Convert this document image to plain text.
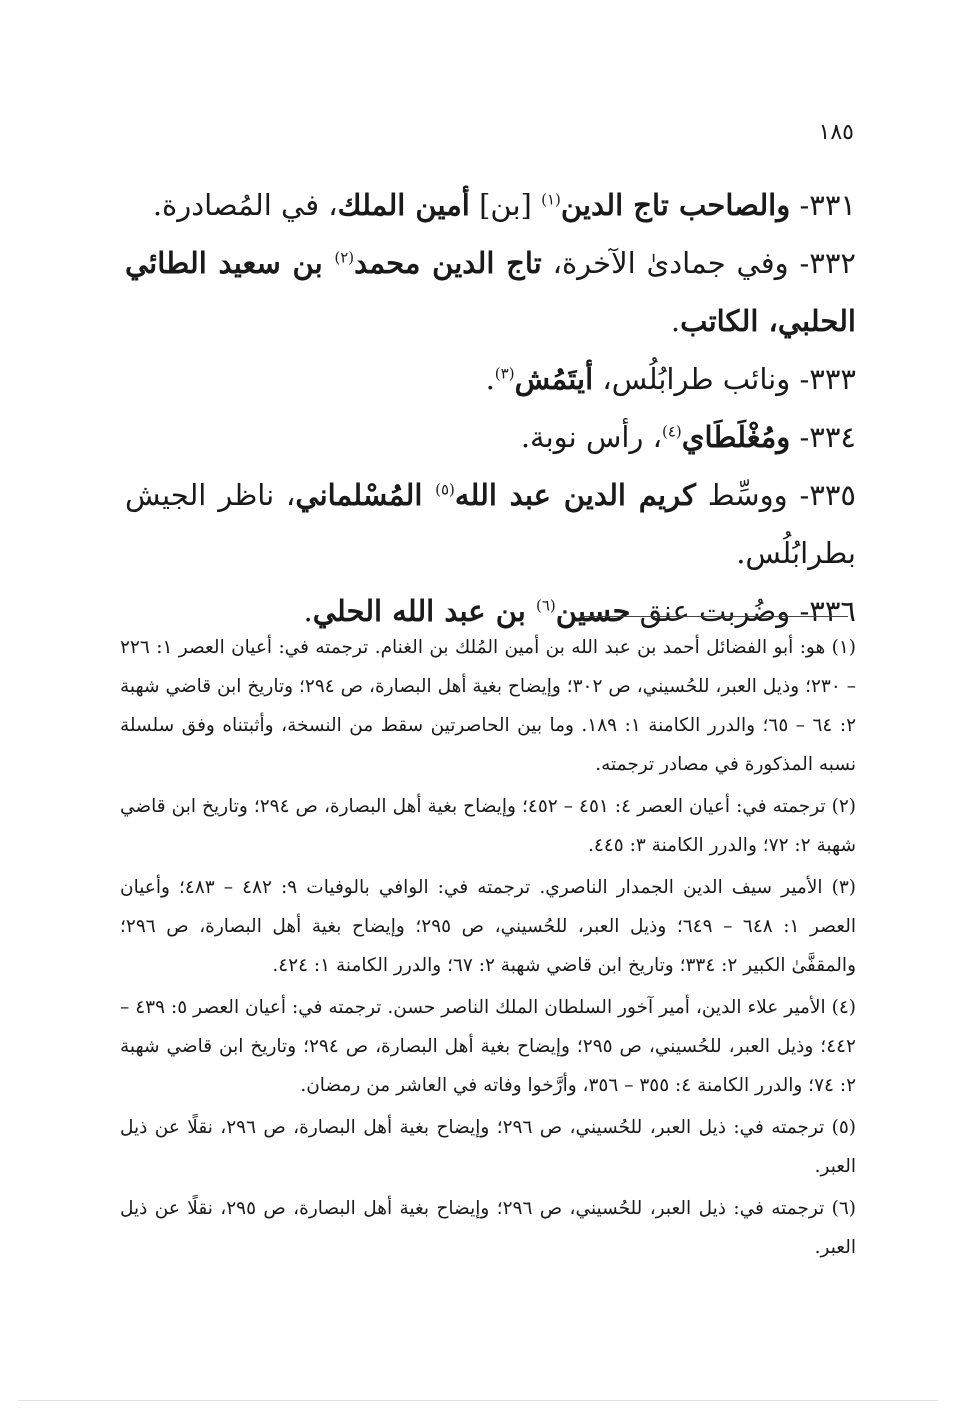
١٨٥
٣٣١- والصاحب تاج الدين$^{(١)}$ [بن] أمين الملك، في المُصادرة.
٣٣٢- وفي جمادىٰ الآخرة، تاج الدين محمد$^{(٢)}$ بن سعيد الطائي الحلبي، الكاتب.
٣٣٣- ونائب طرابُلُس، أيتَمُش$^{(٣)}$.
٣٣٤- ومُغْلَطَاي$^{(٤)}$، رأس نوبة.
٣٣٥- ووسِّط كريم الدين عبد الله$^{(٥)}$ المُسْلماني، ناظر الجيش بطرابُلُس.
٣٣٦- وضُربت عنق حسين$^{(٦)}$ بن عبد الله الحلي.
(١) هو: أبو الفضائل أحمد بن عبد الله بن أمين المُلك بن الغنام. ترجمته في: أعيان العصر ١: ٢٢٦ – ٢٣٠؛ وذيل العبر، للحُسيني، ص ٣٠٢؛ وإيضاح بغية أهل البصارة، ص ٢٩٤؛ وتاريخ ابن قاضي شهبة ٢: ٦٤ – ٦٥؛ والدرر الكامنة ١: ١٨٩. وما بين الحاصرتين سقط من النسخة، وأثبتناه وفق سلسلة نسبه المذكورة في مصادر ترجمته.
(٢) ترجمته في: أعيان العصر ٤: ٤٥١ – ٤٥٢؛ وإيضاح بغية أهل البصارة، ص ٢٩٤؛ وتاريخ ابن قاضي شهبة ٢: ٧٢؛ والدرر الكامنة ٣: ٤٤٥.
(٣) الأمير سيف الدين الجمدار الناصري. ترجمته في: الوافي بالوفيات ٩: ٤٨٢ – ٤٨٣؛ وأعيان العصر ١: ٦٤٨ – ٦٤٩؛ وذيل العبر، للحُسيني، ص ٢٩٥؛ وإيضاح بغية أهل البصارة، ص ٢٩٦؛ والمقفَّىٰ الكبير ٢: ٣٣٤؛ وتاريخ ابن قاضي شهبة ٢: ٦٧؛ والدرر الكامنة ١: ٤٢٤.
(٤) الأمير علاء الدين، أمير آخور السلطان الملك الناصر حسن. ترجمته في: أعيان العصر ٥: ٤٣٩ – ٤٤٢؛ وذيل العبر، للحُسيني، ص ٢٩٥؛ وإيضاح بغية أهل البصارة، ص ٢٩٤؛ وتاريخ ابن قاضي شهبة ٢: ٧٤؛ والدرر الكامنة ٤: ٣٥٥ – ٣٥٦، وأرَّخوا وفاته في العاشر من رمضان.
(٥) ترجمته في: ذيل العبر، للحُسيني، ص ٢٩٦؛ وإيضاح بغية أهل البصارة، ص ٢٩٦، نقلًا عن ذيل العبر.
(٦) ترجمته في: ذيل العبر، للحُسيني، ص ٢٩٦؛ وإيضاح بغية أهل البصارة، ص ٢٩٥، نقلًا عن ذيل العبر.
